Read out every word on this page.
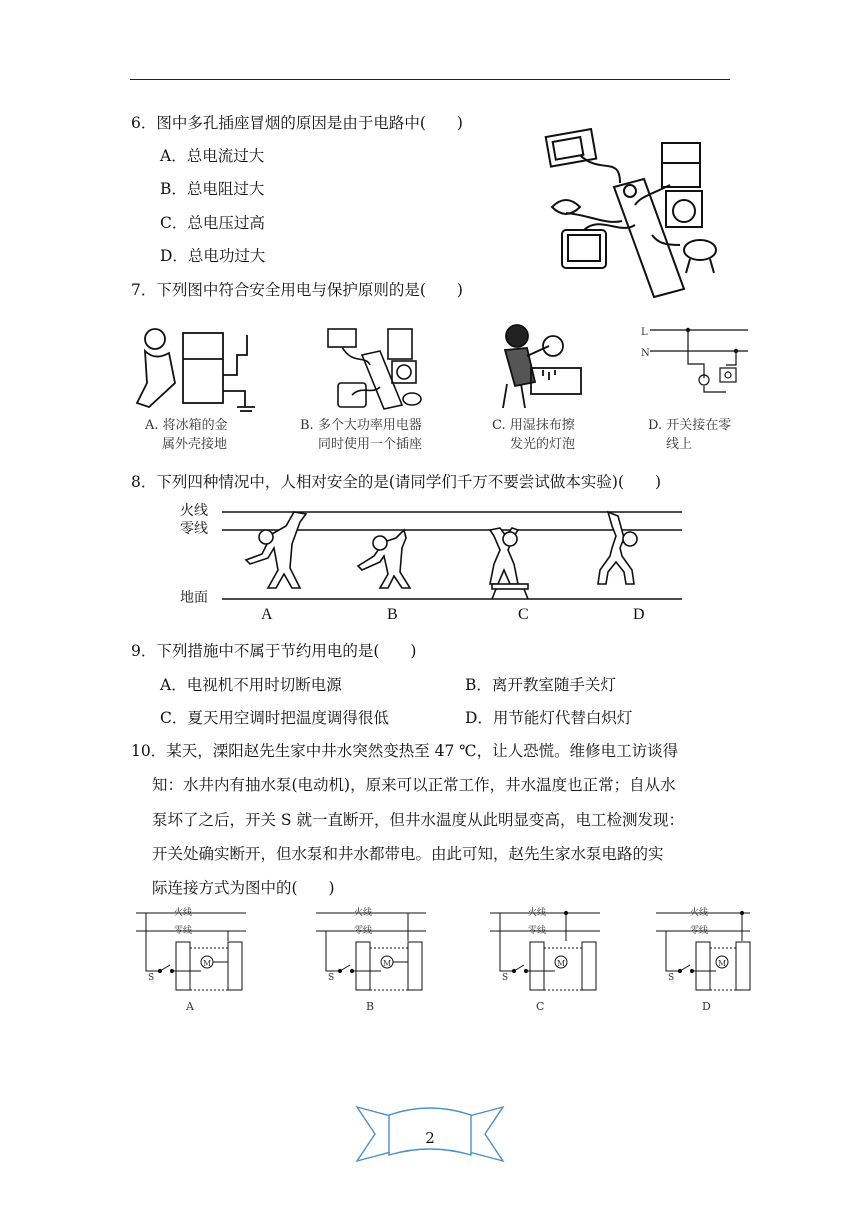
6．图中多孔插座冒烟的原因是由于电路中(　　)
A．总电流过大
B．总电阻过大
C．总电压过高
D．总电功过大
7．下列图中符合安全用电与保护原则的是(　　)
A. 将冰箱的金
属外壳接地
B. 多个大功率用电器
同时使用一个插座
C. 用湿抹布擦
发光的灯泡
L
N
D. 开关接在零
线上
8．下列四种情况中，人相对安全的是(请同学们千万不要尝试做本实验)(　　)
火线
零线
地面
A	B	C	D
9．下列措施中不属于节约用电的是(　　)
A．电视机不用时切断电源	B．离开教室随手关灯
C．夏天用空调时把温度调得很低	D．用节能灯代替白炽灯
10．某天，溧阳赵先生家中井水突然变热至 47 ℃，让人恐慌。维修电工访谈得
知：水井内有抽水泵(电动机)，原来可以正常工作，井水温度也正常；自从水
泵坏了之后，开关 S 就一直断开，但井水温度从此明显变高，电工检测发现：
开关处确实断开，但水泵和井水都带电。由此可知，赵先生家水泵电路的实
际连接方式为图中的(　　)
火线
零线
S
M
A
火线
零线
S
M
B
火线
零线
S
M
C
火线
零线
S
M
D
2
